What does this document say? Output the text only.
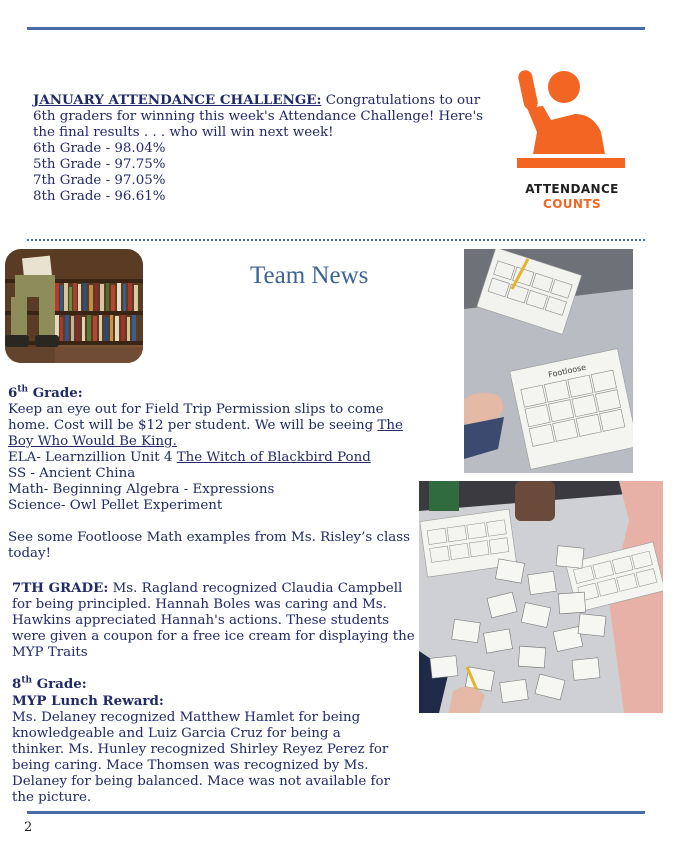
JANUARY ATTENDANCE CHALLENGE: Congratulations to our
6th graders for winning this week's Attendance Challenge! Here's
the final results . . . who will win next week!
6th Grade - 98.04%
5th Grade - 97.75%
7th Grade - 97.05%
8th Grade - 96.61%	ATTENDANCE
COUNTS
Team News
Footloose
6th Grade:
Keep an eye out for Field Trip Permission slips to come
home. Cost will be $12 per student. We will be seeing The
Boy Who Would Be King.
ELA- Learnzillion Unit 4 The Witch of Blackbird Pond
SS - Ancient China
Math- Beginning Algebra - Expressions
Science- Owl Pellet Experiment
See some Footloose Math examples from Ms. Risley’s class
today!
7TH GRADE: Ms. Ragland recognized Claudia Campbell
for being principled. Hannah Boles was caring and Ms.
Hawkins appreciated Hannah's actions. These students
were given a coupon for a free ice cream for displaying the
MYP Traits
8th Grade:
MYP Lunch Reward:
Ms. Delaney recognized Matthew Hamlet for being
knowledgeable and Luiz Garcia Cruz for being a
thinker. Ms. Hunley recognized Shirley Reyez Perez for
being caring. Mace Thomsen was recognized by Ms.
Delaney for being balanced. Mace was not available for
the picture.
2
